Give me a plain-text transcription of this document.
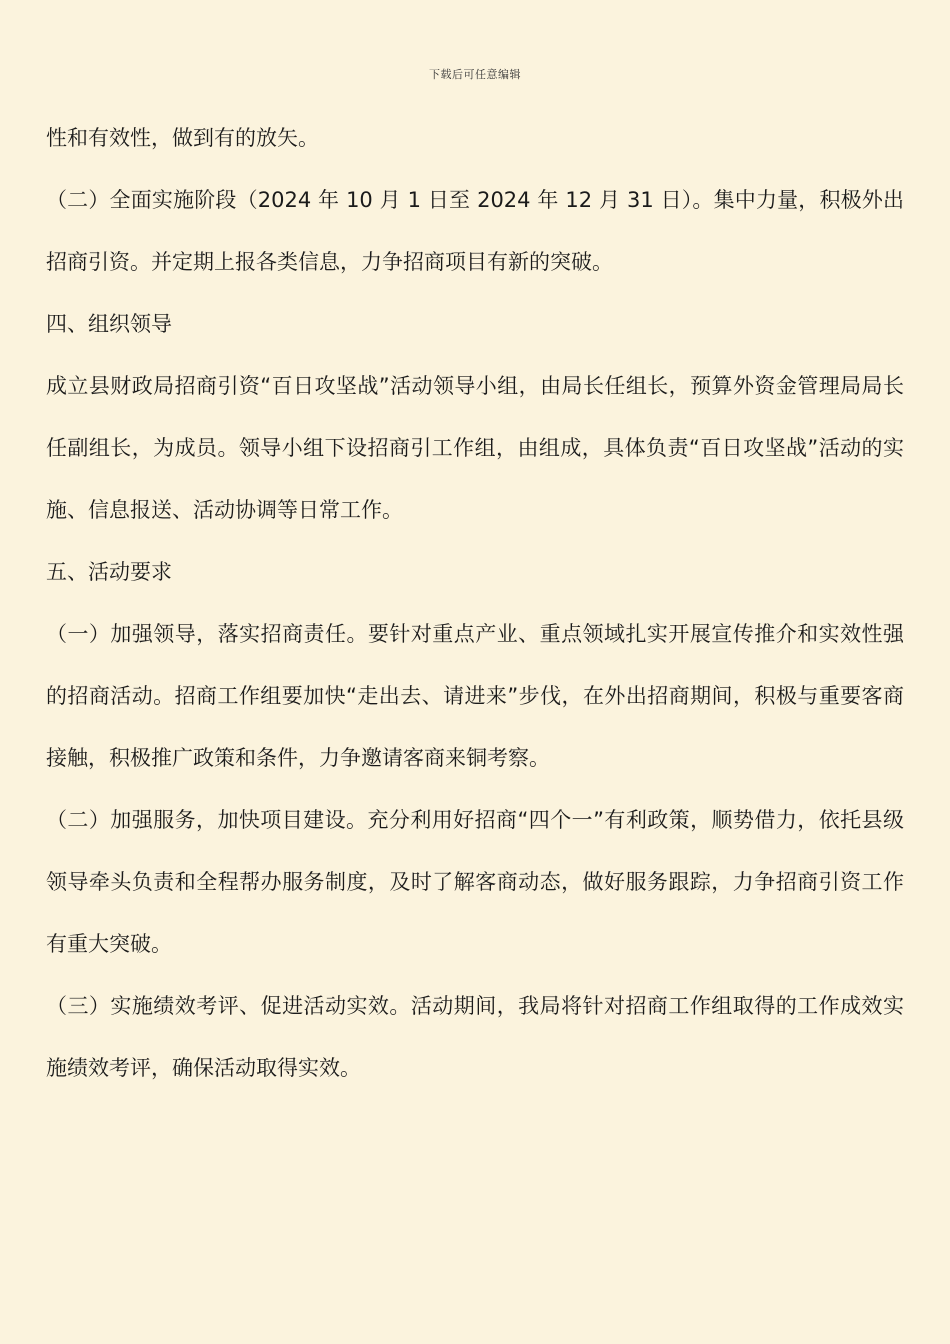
下载后可任意编辑

性和有效性，做到有的放矢。

（二）全面实施阶段（2024 年 10 月 1 日至 2024 年 12 月 31 日）。集中力量，积极外出招商引资。并定期上报各类信息，力争招商项目有新的突破。

四、组织领导

成立县财政局招商引资“百日攻坚战”活动领导小组，由局长任组长，预算外资金管理局局长任副组长，为成员。领导小组下设招商引工作组，由组成，具体负责“百日攻坚战”活动的实施、信息报送、活动协调等日常工作。

五、活动要求

（一）加强领导，落实招商责任。要针对重点产业、重点领域扎实开展宣传推介和实效性强的招商活动。招商工作组要加快“走出去、请进来”步伐，在外出招商期间，积极与重要客商接触，积极推广政策和条件，力争邀请客商来铜考察。

（二）加强服务，加快项目建设。充分利用好招商“四个一”有利政策，顺势借力，依托县级领导牵头负责和全程帮办服务制度，及时了解客商动态，做好服务跟踪，力争招商引资工作有重大突破。

（三）实施绩效考评、促进活动实效。活动期间，我局将针对招商工作组取得的工作成效实施绩效考评，确保活动取得实效。
